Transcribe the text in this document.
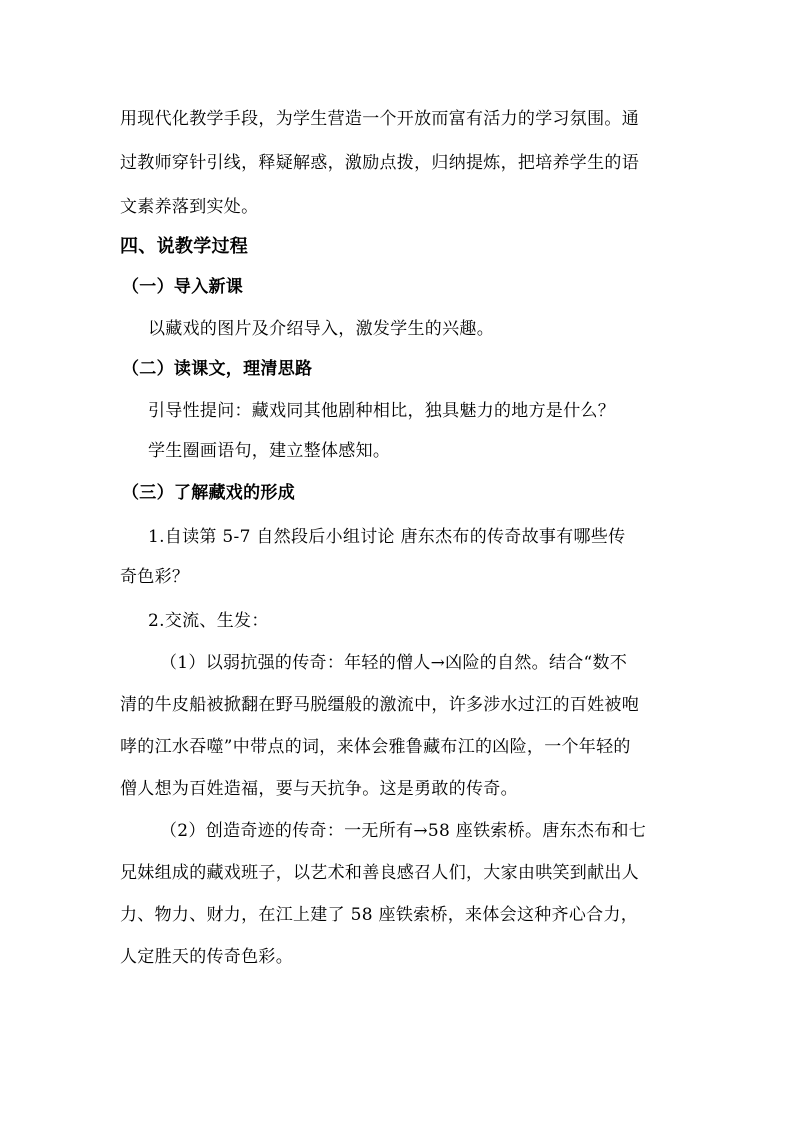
用现代化教学手段，为学生营造一个开放而富有活力的学习氛围。通
过教师穿针引线，释疑解惑，激励点拨，归纳提炼，把培养学生的语
文素养落到实处。
四、说教学过程
（一）导入新课
以藏戏的图片及介绍导入，激发学生的兴趣。
（二）读课文，理清思路
引导性提问：藏戏同其他剧种相比，独具魅力的地方是什么？
学生圈画语句，建立整体感知。
（三）了解藏戏的形成
1.自读第 5-7 自然段后小组讨论 唐东杰布的传奇故事有哪些传
奇色彩？
2.交流、生发：
（1）以弱抗强的传奇：年轻的僧人→凶险的自然。结合“数不
清的牛皮船被掀翻在野马脱缰般的激流中，许多涉水过江的百姓被咆
哮的江水吞噬”中带点的词，来体会雅鲁藏布江的凶险，一个年轻的
僧人想为百姓造福，要与天抗争。这是勇敢的传奇。
（2）创造奇迹的传奇：一无所有→58 座铁索桥。唐东杰布和七
兄妹组成的藏戏班子，以艺术和善良感召人们，大家由哄笑到献出人
力、物力、财力，在江上建了 58 座铁索桥，来体会这种齐心合力，
人定胜天的传奇色彩。
